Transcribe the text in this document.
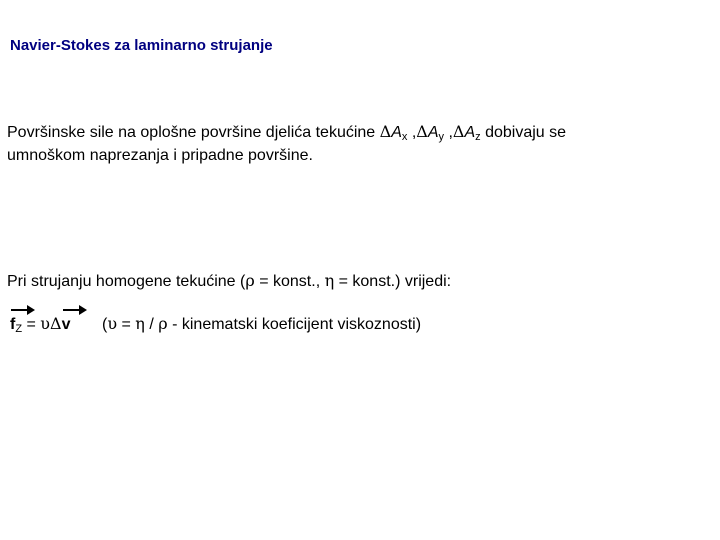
Navier-Stokes za laminarno strujanje
Površinske sile na oplošne površine djelića tekućine ΔAx ,ΔAy ,ΔAz dobivaju se
umnoškom naprezanja i pripadne površine.
Pri strujanju homogene tekućine (ρ = konst., η = konst.) vrijedi:
fZ = υΔv (υ = η / ρ - kinematski koeficijent viskoznosti)
